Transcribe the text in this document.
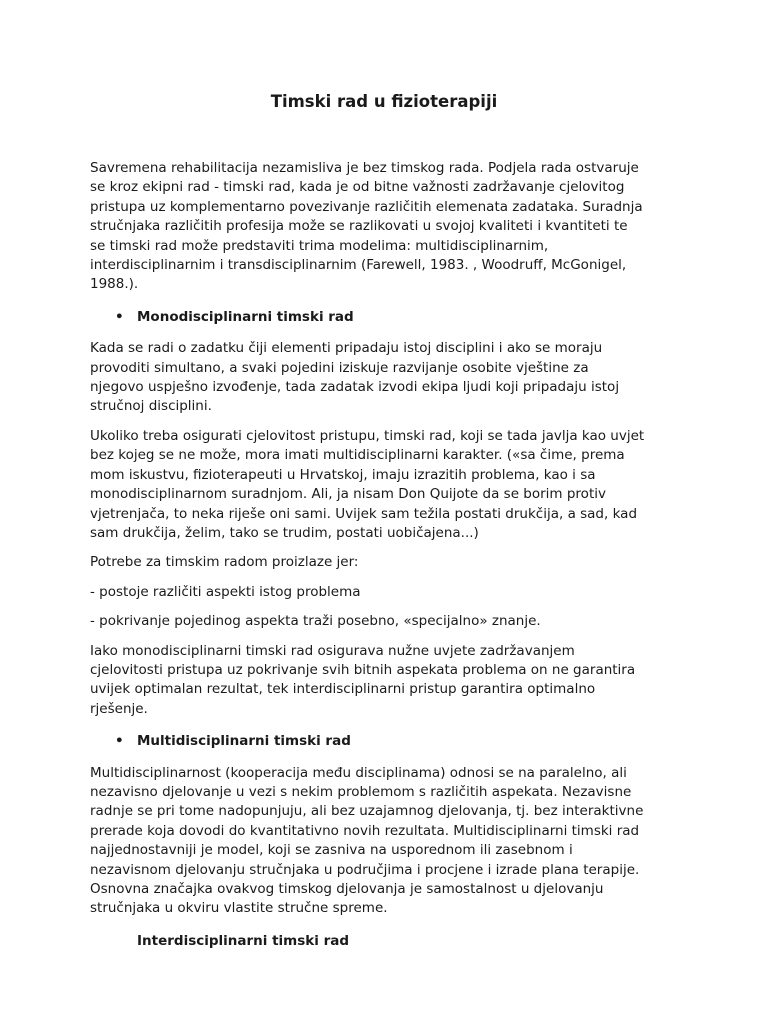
Timski rad u fizioterapiji

Savremena rehabilitacija nezamisliva je bez timskog rada. Podjela rada ostvaruje
se kroz ekipni rad - timski rad, kada je od bitne važnosti zadržavanje cjelovitog
pristupa uz komplementarno povezivanje različitih elemenata zadataka. Suradnja
stručnjaka različitih profesija može se razlikovati u svojoj kvaliteti i kvantiteti te
se timski rad može predstaviti trima modelima: multidisciplinarnim,
interdisciplinarnim i transdisciplinarnim (Farewell, 1983. , Woodruff, McGonigel,
1988.).

• Monodisciplinarni timski rad

Kada se radi o zadatku čiji elementi pripadaju istoj disciplini i ako se moraju
provoditi simultano, a svaki pojedini iziskuje razvijanje osobite vještine za
njegovo uspješno izvođenje, tada zadatak izvodi ekipa ljudi koji pripadaju istoj
stručnoj disciplini.

Ukoliko treba osigurati cjelovitost pristupu, timski rad, koji se tada javlja kao uvjet
bez kojeg se ne može, mora imati multidisciplinarni karakter. («sa čime, prema
mom iskustvu, fizioterapeuti u Hrvatskoj, imaju izrazitih problema, kao i sa
monodisciplinarnom suradnjom. Ali, ja nisam Don Quijote da se borim protiv
vjetrenjača, to neka riješe oni sami. Uvijek sam težila postati drukčija, a sad, kad
sam drukčija, želim, tako se trudim, postati uobičajena...)

Potrebe za timskim radom proizlaze jer:

- postoje različiti aspekti istog problema

- pokrivanje pojedinog aspekta traži posebno, «specijalno» znanje.

Iako monodisciplinarni timski rad osigurava nužne uvjete zadržavanjem
cjelovitosti pristupa uz pokrivanje svih bitnih aspekata problema on ne garantira
uvijek optimalan rezultat, tek interdisciplinarni pristup garantira optimalno
rješenje.

• Multidisciplinarni timski rad

Multidisciplinarnost (kooperacija među disciplinama) odnosi se na paralelno, ali
nezavisno djelovanje u vezi s nekim problemom s različitih aspekata. Nezavisne
radnje se pri tome nadopunjuju, ali bez uzajamnog djelovanja, tj. bez interaktivne
prerade koja dovodi do kvantitativno novih rezultata. Multidisciplinarni timski rad
najjednostavniji je model, koji se zasniva na usporednom ili zasebnom i
nezavisnom djelovanju stručnjaka u područjima i procjene i izrade plana terapije.
Osnovna značajka ovakvog timskog djelovanja je samostalnost u djelovanju
stručnjaka u okviru vlastite stručne spreme.

Interdisciplinarni timski rad
